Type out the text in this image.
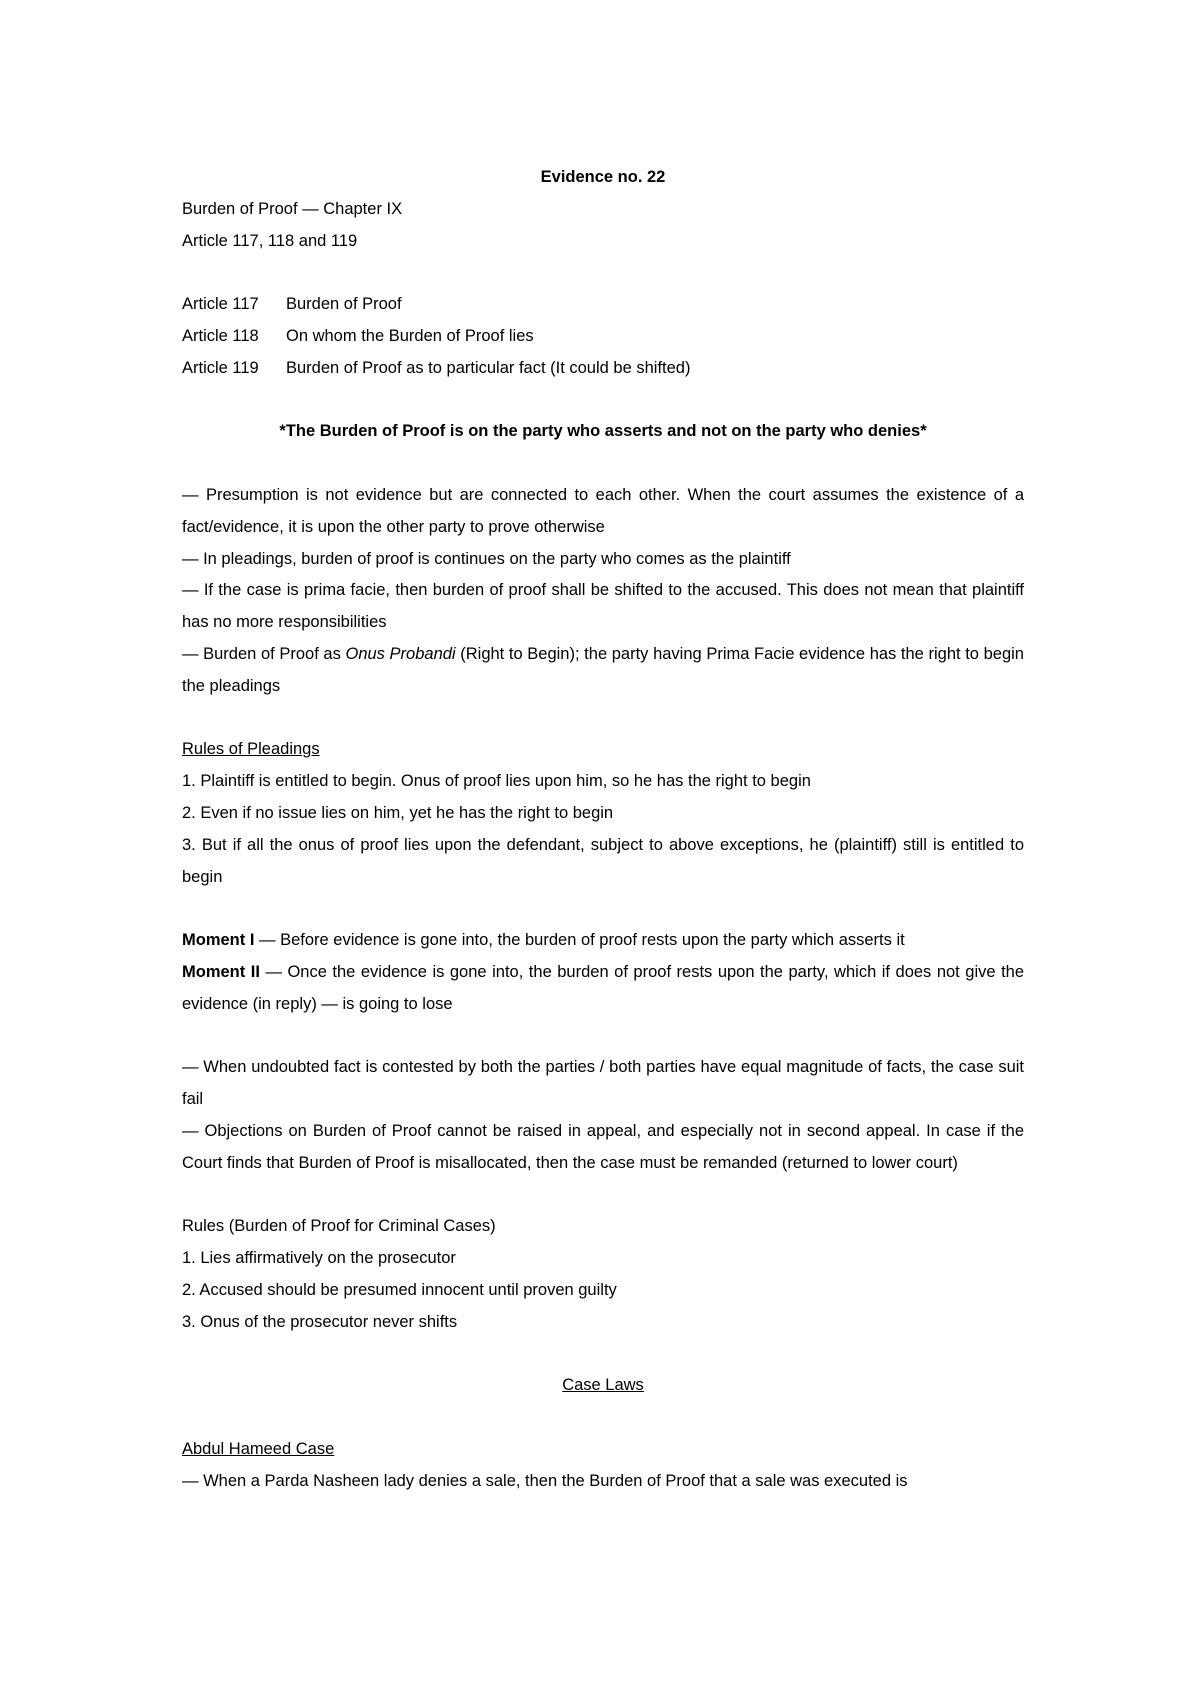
Evidence no. 22
Burden of Proof — Chapter IX
Article 117, 118 and 119
Article 117 Burden of Proof
Article 118 On whom the Burden of Proof lies
Article 119 Burden of Proof as to particular fact (It could be shifted)
*The Burden of Proof is on the party who asserts and not on the party who denies*
— Presumption is not evidence but are connected to each other. When the court assumes the existence of a fact/evidence, it is upon the other party to prove otherwise
— In pleadings, burden of proof is continues on the party who comes as the plaintiff
— If the case is prima facie, then burden of proof shall be shifted to the accused. This does not mean that plaintiff has no more responsibilities
— Burden of Proof as Onus Probandi (Right to Begin); the party having Prima Facie evidence has the right to begin the pleadings
Rules of Pleadings
1. Plaintiff is entitled to begin. Onus of proof lies upon him, so he has the right to begin
2. Even if no issue lies on him, yet he has the right to begin
3. But if all the onus of proof lies upon the defendant, subject to above exceptions, he (plaintiff) still is entitled to begin
Moment I — Before evidence is gone into, the burden of proof rests upon the party which asserts it
Moment II — Once the evidence is gone into, the burden of proof rests upon the party, which if does not give the evidence (in reply) — is going to lose
— When undoubted fact is contested by both the parties / both parties have equal magnitude of facts, the case suit fail
— Objections on Burden of Proof cannot be raised in appeal, and especially not in second appeal. In case if the Court finds that Burden of Proof is misallocated, then the case must be remanded (returned to lower court)
Rules (Burden of Proof for Criminal Cases)
1. Lies affirmatively on the prosecutor
2. Accused should be presumed innocent until proven guilty
3. Onus of the prosecutor never shifts
Case Laws
Abdul Hameed Case
— When a Parda Nasheen lady denies a sale, then the Burden of Proof that a sale was executed is
